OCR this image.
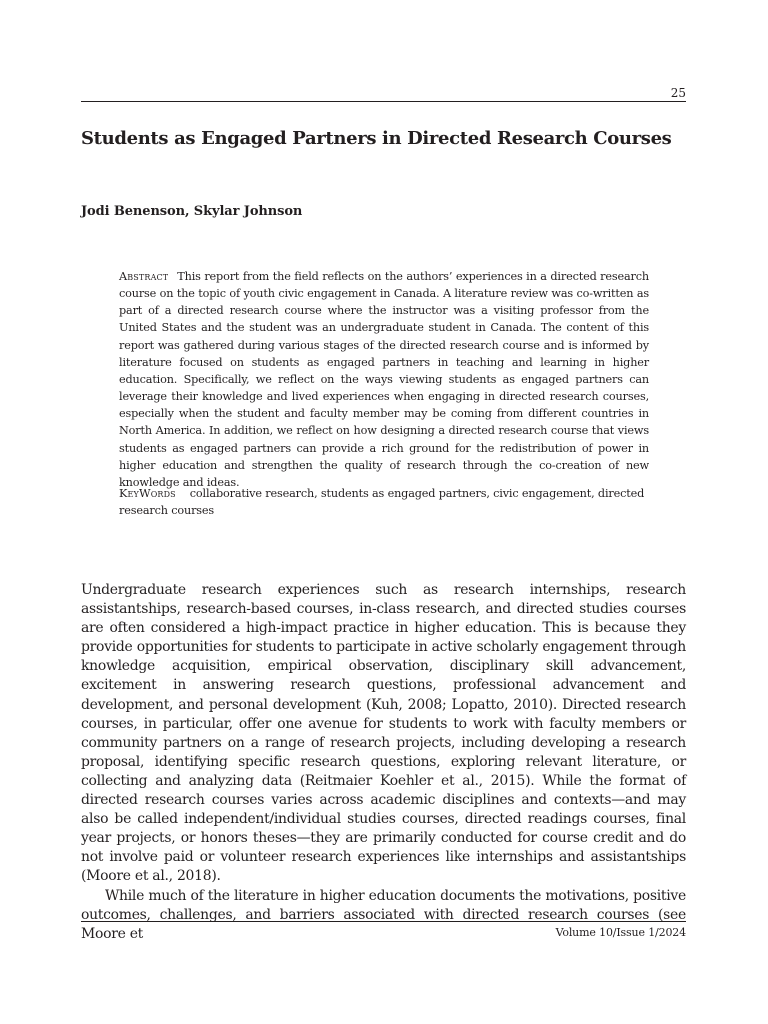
25
Students as Engaged Partners in Directed Research Courses
Jodi Benenson, Skylar Johnson
Abstract This report from the field reflects on the authors’ experiences in a directed research course on the topic of youth civic engagement in Canada. A literature review was co-written as part of a directed research course where the instructor was a visiting professor from the United States and the student was an undergraduate student in Canada. The content of this report was gathered during various stages of the directed research course and is informed by literature focused on students as engaged partners in teaching and learning in higher education. Specifically, we reflect on the ways viewing students as engaged partners can leverage their knowledge and lived experiences when engaging in directed research courses, especially when the student and faculty member may be coming from different countries in North America. In addition, we reflect on how designing a directed research course that views students as engaged partners can provide a rich ground for the redistribution of power in higher education and strengthen the quality of research through the co-creation of new knowledge and ideas.
KeyWords collaborative research, students as engaged partners, civic engagement, directed research courses

Undergraduate research experiences such as research internships, research assistantships, research-based courses, in-class research, and directed studies courses are often considered a high-impact practice in higher education. This is because they provide opportunities for students to participate in active scholarly engagement through knowledge acquisition, empirical observation, disciplinary skill advancement, excitement in answering research questions, professional advancement and development, and personal development (Kuh, 2008; Lopatto, 2010). Directed research courses, in particular, offer one avenue for students to work with faculty members or community partners on a range of research projects, including developing a research proposal, identifying specific research questions, exploring relevant literature, or collecting and analyzing data (Reitmaier Koehler et al., 2015). While the format of directed research courses varies across academic disciplines and contexts—and may also be called independent/individual studies courses, directed readings courses, final year projects, or honors theses—they are primarily conducted for course credit and do not involve paid or volunteer research experiences like internships and assistantships (Moore et al., 2018).

While much of the literature in higher education documents the motivations, positive outcomes, challenges, and barriers associated with directed research courses (see Moore et	Volume 10/Issue 1/2024
